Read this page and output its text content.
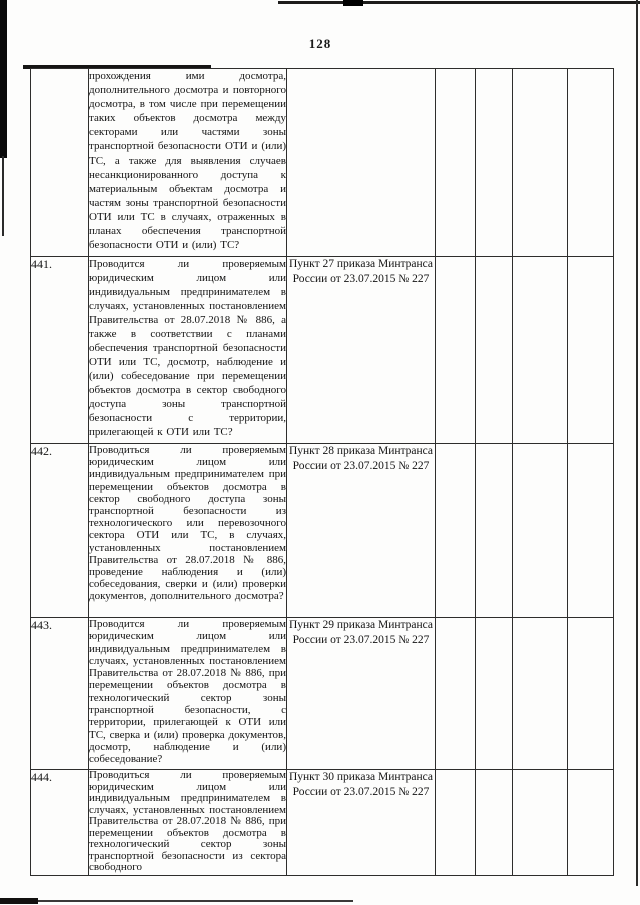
128
	прохождения ими досмотра, дополнительного досмотра и повторного досмотра, в том числе при перемещении таких объектов досмотра между секторами или частями зоны транспортной безопасности ОТИ и (или) ТС, а также для выявления случаев несанкционированного доступа к материальным объектам досмотра и частям зоны транспортной безопасности ОТИ или ТС в случаях, отраженных в планах обеспечения транспортной безопасности ОТИ и (или) ТС?					
441.	Проводится ли проверяемым юридическим лицом или индивидуальным предпринимателем в случаях, установленных постановлением Правительства от 28.07.2018 № 886, а также в соответствии с планами обеспечения транспортной безопасности ОТИ или ТС, досмотр, наблюдение и (или) собеседование при перемещении объектов досмотра в сектор свободного доступа зоны транспортной безопасности с территории, прилегающей к ОТИ или ТС?	Пункт 27 приказа Минтранса России от 23.07.2015 № 227				
442.	Проводиться ли проверяемым юридическим лицом или индивидуальным предпринимателем при перемещении объектов досмотра в сектор свободного доступа зоны транспортной безопасности из технологического или перевозочного сектора ОТИ или ТС, в случаях, установленных постановлением Правительства от 28.07.2018 № 886, проведение наблюдения и (или) собеседования, сверки и (или) проверки документов, дополнительного досмотра?	Пункт 28 приказа Минтранса России от 23.07.2015 № 227				
443.	Проводится ли проверяемым юридическим лицом или индивидуальным предпринимателем в случаях, установленных постановлением Правительства от 28.07.2018 № 886, при перемещении объектов досмотра в технологический сектор зоны транспортной безопасности, с территории, прилегающей к ОТИ или ТС, сверка и (или) проверка документов, досмотр, наблюдение и (или) собеседование?	Пункт 29 приказа Минтранса России от 23.07.2015 № 227				
444.	Проводиться ли проверяемым юридическим лицом или индивидуальным предпринимателем в случаях, установленных постановлением Правительства от 28.07.2018 № 886, при перемещении объектов досмотра в технологический сектор зоны транспортной безопасности из сектора свободного	Пункт 30 приказа Минтранса России от 23.07.2015 № 227				
